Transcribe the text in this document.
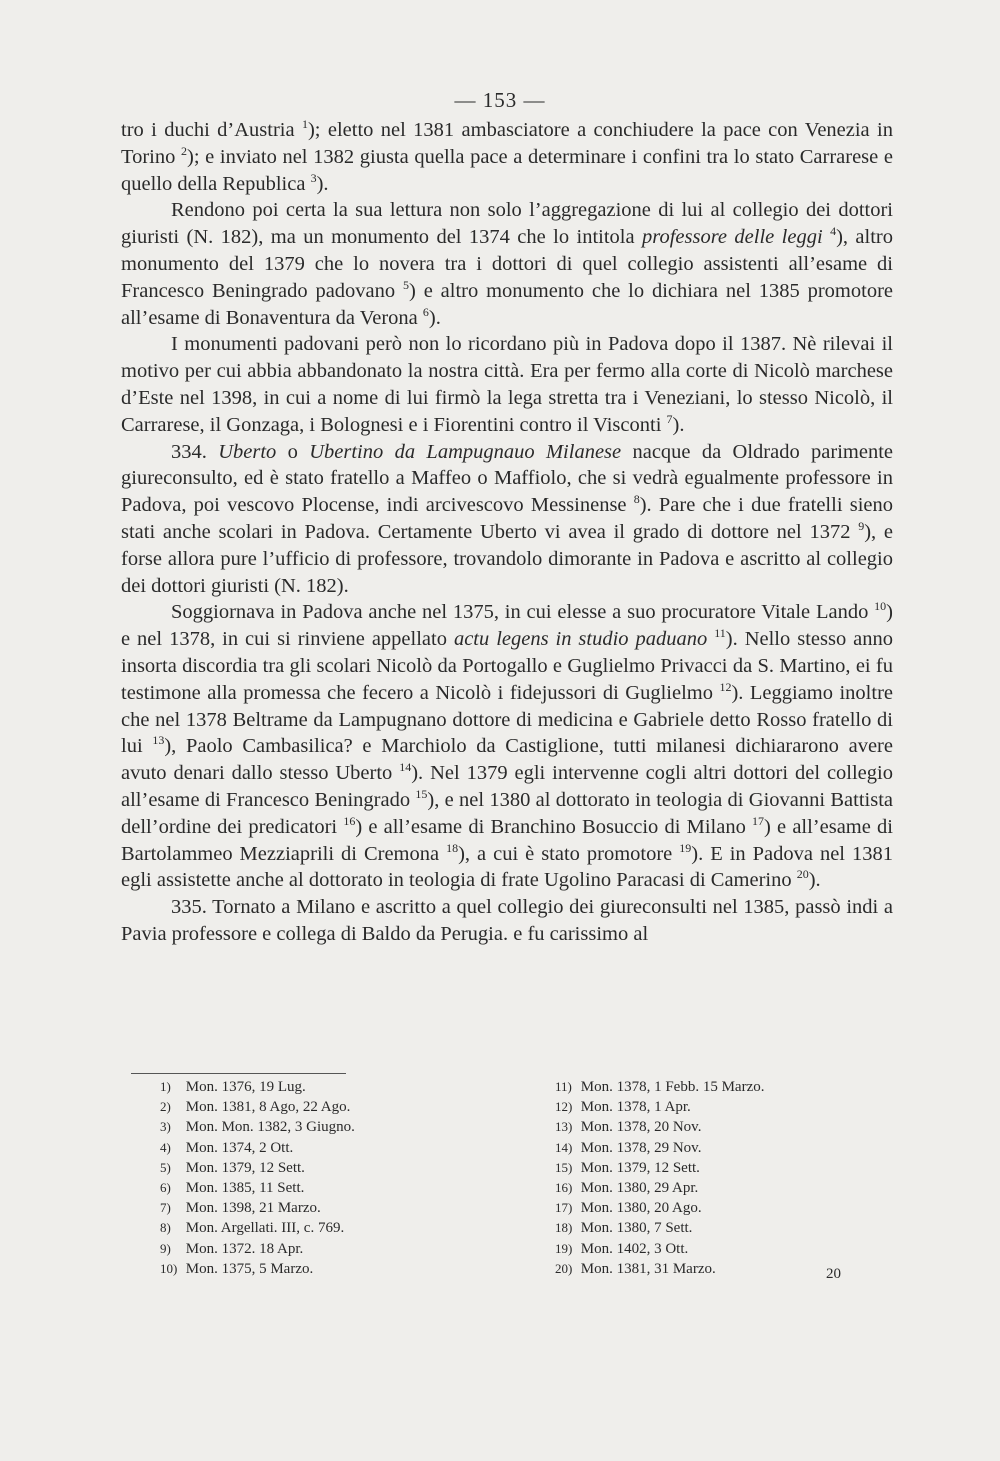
— 153 —

tro i duchi d’Austria $^1$); eletto nel 1381 ambasciatore a conchiudere la pace con Venezia in Torino $^2$); e inviato nel 1382 giusta quella pace a determinare i confini tra lo stato Carrarese e quello della Republica $^3$).

Rendono poi certa la sua lettura non solo l’aggregazione di lui al collegio dei dottori giuristi (N. 182), ma un monumento del 1374 che lo intitola professore delle leggi $^4$), altro monumento del 1379 che lo novera tra i dottori di quel collegio assistenti all’esame di Francesco Beningrado padovano $^5$) e altro monumento che lo dichiara nel 1385 promotore all’esame di Bonaventura da Verona $^6$).

I monumenti padovani però non lo ricordano più in Padova dopo il 1387. Nè rilevai il motivo per cui abbia abbandonato la nostra città. Era per fermo alla corte di Nicolò marchese d’Este nel 1398, in cui a nome di lui firmò la lega stretta tra i Veneziani, lo stesso Nicolò, il Carrarese, il Gonzaga, i Bolognesi e i Fiorentini contro il Visconti $^7$).

334. Uberto o Ubertino da Lampugnauo Milanese nacque da Oldrado parimente giureconsulto, ed è stato fratello a Maffeo o Maffiolo, che si vedrà egualmente professore in Padova, poi vescovo Plocense, indi arcivescovo Messinense $^8$). Pare che i due fratelli sieno stati anche scolari in Padova. Certamente Uberto vi avea il grado di dottore nel 1372 $^9$), e forse allora pure l’ufficio di professore, trovandolo dimorante in Padova e ascritto al collegio dei dottori giuristi (N. 182).

Soggiornava in Padova anche nel 1375, in cui elesse a suo procuratore Vitale Lando $^{10}$) e nel 1378, in cui si rinviene appellato actu legens in studio paduano $^{11}$). Nello stesso anno insorta discordia tra gli scolari Nicolò da Portogallo e Guglielmo Privacci da S. Martino, ei fu testimone alla promessa che fecero a Nicolò i fidejussori di Guglielmo $^{12}$). Leggiamo inoltre che nel 1378 Beltrame da Lampugnano dottore di medicina e Gabriele detto Rosso fratello di lui $^{13}$), Paolo Cambasilica? e Marchiolo da Castiglione, tutti milanesi dichiararono avere avuto denari dallo stesso Uberto $^{14}$). Nel 1379 egli intervenne cogli altri dottori del collegio all’esame di Francesco Beningrado $^{15}$), e nel 1380 al dottorato in teologia di Giovanni Battista dell’ordine dei predicatori $^{16}$) e all’esame di Branchino Bosuccio di Milano $^{17}$) e all’esame di Bartolammeo Mezziaprili di Cremona $^{18}$), a cui è stato promotore $^{19}$). E in Padova nel 1381 egli assistette anche al dottorato in teologia di frate Ugolino Paracasi di Camerino $^{20}$).

335. Tornato a Milano e ascritto a quel collegio dei giureconsulti nel 1385, passò indi a Pavia professore e collega di Baldo da Perugia. e fu carissimo al

1) Mon. 1376, 19 Lug.
2) Mon. 1381, 8 Ago, 22 Ago.
3) Mon. Mon. 1382, 3 Giugno.
4) Mon. 1374, 2 Ott.
5) Mon. 1379, 12 Sett.
6) Mon. 1385, 11 Sett.
7) Mon. 1398, 21 Marzo.
8) Mon. Argellati. III, c. 769.
9) Mon. 1372. 18 Apr.
10) Mon. 1375, 5 Marzo.
11) Mon. 1378, 1 Febb. 15 Marzo.
12) Mon. 1378, 1 Apr.
13) Mon. 1378, 20 Nov.
14) Mon. 1378, 29 Nov.
15) Mon. 1379, 12 Sett.
16) Mon. 1380, 29 Apr.
17) Mon. 1380, 20 Ago.
18) Mon. 1380, 7 Sett.
19) Mon. 1402, 3 Ott.
20) Mon. 1381, 31 Marzo.	20
